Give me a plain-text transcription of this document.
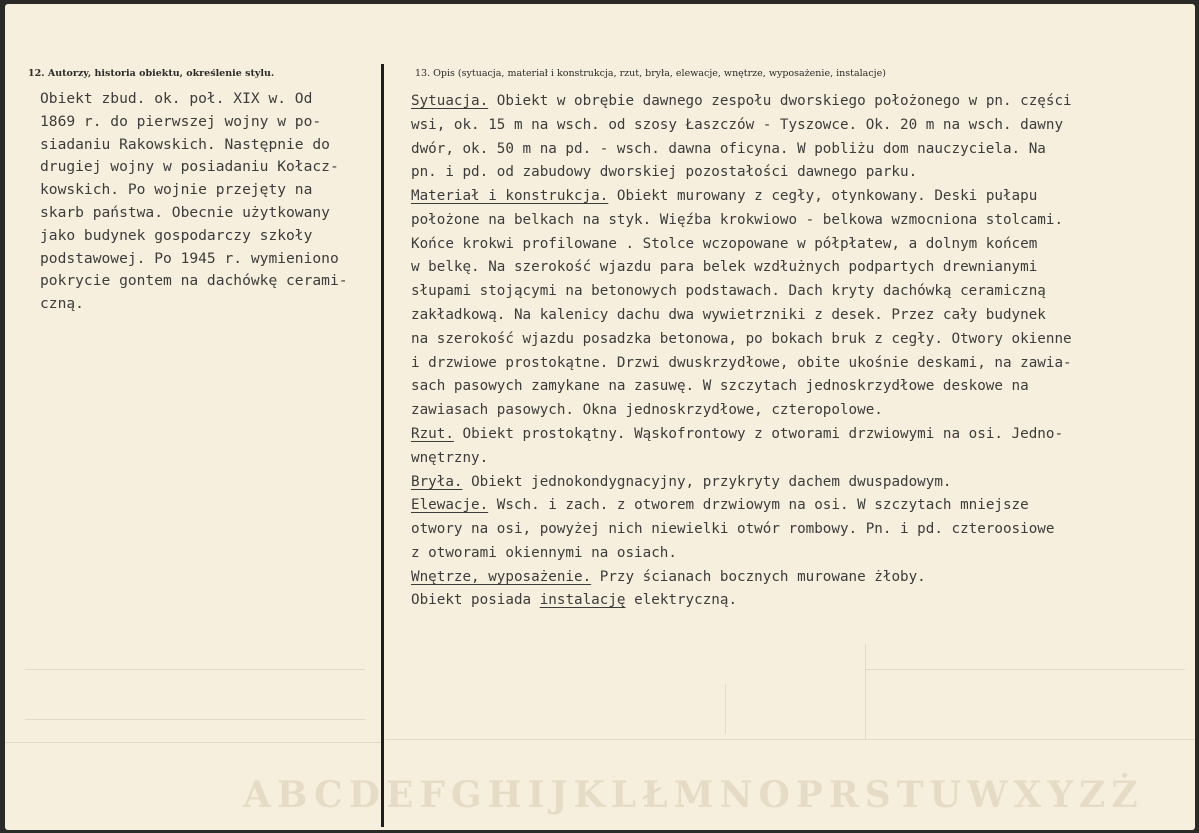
12. Autorzy, historia obiektu, określenie stylu.	13. Opis (sytuacja, materiał i konstrukcja, rzut, bryła, elewacje, wnętrze, wyposażenie, instalacje)
Obiekt zbud. ok. poł. XIX w. Od
1869 r. do pierwszej wojny w po-
siadaniu Rakowskich. Następnie do
drugiej wojny w posiadaniu Kołacz-
kowskich. Po wojnie przejęty na
skarb państwa. Obecnie użytkowany
jako budynek gospodarczy szkoły
podstawowej. Po 1945 r. wymieniono
pokrycie gontem na dachówkę cerami-
czną.
Sytuacja. Obiekt w obrębie dawnego zespołu dworskiego położonego w pn. części
wsi, ok. 15 m na wsch. od szosy Łaszczów - Tyszowce. Ok. 20 m na wsch. dawny
dwór, ok. 50 m na pd. - wsch. dawna oficyna. W pobliżu dom nauczyciela. Na
pn. i pd. od zabudowy dworskiej pozostałości dawnego parku.
Materiał i konstrukcja. Obiekt murowany z cegły, otynkowany. Deski pułapu
położone na belkach na styk. Więźba krokwiowo - belkowa wzmocniona stolcami.
Końce krokwi profilowane . Stolce wczopowane w półpłatew, a dolnym końcem
w belkę. Na szerokość wjazdu para belek wzdłużnych podpartych drewnianymi
słupami stojącymi na betonowych podstawach. Dach kryty dachówką ceramiczną
zakładkową. Na kalenicy dachu dwa wywietrzniki z desek. Przez cały budynek
na szerokość wjazdu posadzka betonowa, po bokach bruk z cegły. Otwory okienne
i drzwiowe prostokątne. Drzwi dwuskrzydłowe, obite ukośnie deskami, na zawia-
sach pasowych zamykane na zasuwę. W szczytach jednoskrzydłowe deskowe na
zawiasach pasowych. Okna jednoskrzydłowe, czteropolowe.
Rzut. Obiekt prostokątny. Wąskofrontowy z otworami drzwiowymi na osi. Jedno-
wnętrzny.
Bryła. Obiekt jednokondygnacyjny, przykryty dachem dwuspadowym.
Elewacje. Wsch. i zach. z otworem drzwiowym na osi. W szczytach mniejsze
otwory na osi, powyżej nich niewielki otwór rombowy. Pn. i pd. czteroosiowe
z otworami okiennymi na osiach.
Wnętrze, wyposażenie. Przy ścianach bocznych murowane żłoby.
Obiekt posiada instalację elektryczną.
ABCDEFGHIJKLŁMNOPRSTUWXYZŻ
